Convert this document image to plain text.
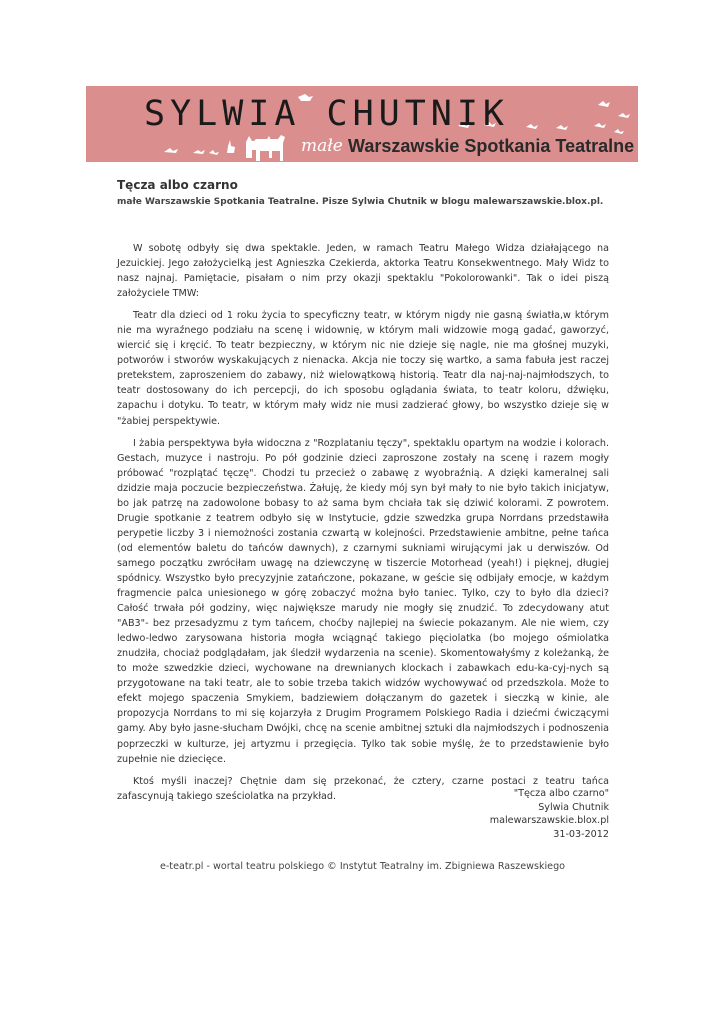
SYLWIA CHUTNIK
małe Warszawskie Spotkania Teatralne
Tęcza albo czarno
małe Warszawskie Spotkania Teatralne. Pisze Sylwia Chutnik w blogu malewarszawskie.blox.pl.

W sobotę odbyły się dwa spektakle. Jeden, w ramach Teatru Małego Widza działającego na Jezuickiej. Jego założycielką jest Agnieszka Czekierda, aktorka Teatru Konsekwentnego. Mały Widz to nasz najnaj. Pamiętacie, pisałam o nim przy okazji spektaklu "Pokolorowanki". Tak o idei piszą założyciele TMW:

Teatr dla dzieci od 1 roku życia to specyficzny teatr, w którym nigdy nie gasną światła,w którym nie ma wyraźnego podziału na scenę i widownię, w którym mali widzowie mogą gadać, gaworzyć, wiercić się i kręcić. To teatr bezpieczny, w którym nic nie dzieje się nagle, nie ma głośnej muzyki, potworów i stworów wyskakujących z nienacka. Akcja nie toczy się wartko, a sama fabuła jest raczej pretekstem, zaproszeniem do zabawy, niż wielowątkową historią. Teatr dla naj-naj-najmłodszych, to teatr dostosowany do ich percepcji, do ich sposobu oglądania świata, to teatr koloru, dźwięku, zapachu i dotyku. To teatr, w którym mały widz nie musi zadzierać głowy, bo wszystko dzieje się w "żabiej perspektywie.

I żabia perspektywa była widoczna z "Rozplataniu tęczy", spektaklu opartym na wodzie i kolorach. Gestach, muzyce i nastroju. Po pół godzinie dzieci zaproszone zostały na scenę i razem mogły próbować "rozplątać tęczę". Chodzi tu przecież o zabawę z wyobraźnią. A dzięki kameralnej sali dzidzie maja poczucie bezpieczeństwa. Żałuję, że kiedy mój syn był mały to nie było takich inicjatyw, bo jak patrzę na zadowolone bobasy to aż sama bym chciała tak się dziwić kolorami. Z powrotem. Drugie spotkanie z teatrem odbyło się w Instytucie, gdzie szwedzka grupa Norrdans przedstawiła perypetie liczby 3 i niemożności zostania czwartą w kolejności. Przedstawienie ambitne, pełne tańca (od elementów baletu do tańców dawnych), z czarnymi sukniami wirującymi jak u derwiszów. Od samego początku zwróciłam uwagę na dziewczynę w tiszercie Motorhead (yeah!) i pięknej, długiej spódnicy. Wszystko było precyzyjnie zatańczone, pokazane, w geście się odbijały emocje, w każdym fragmencie palca uniesionego w górę zobaczyć można było taniec. Tylko, czy to było dla dzieci? Całość trwała pół godziny, więc największe marudy nie mogły się znudzić. To zdecydowany atut "AB3"- bez przesadyzmu z tym tańcem, choćby najlepiej na świecie pokazanym. Ale nie wiem, czy ledwo-ledwo zarysowana historia mogła wciągnąć takiego pięciolatka (bo mojego ośmiolatka znudziła, chociaż podglądałam, jak śledził wydarzenia na scenie). Skomentowałyśmy z koleżanką, że to może szwedzkie dzieci, wychowane na drewnianych klockach i zabawkach edu-ka-cyj-nych są przygotowane na taki teatr, ale to sobie trzeba takich widzów wychowywać od przedszkola. Może to efekt mojego spaczenia Smykiem, badziewiem dołączanym do gazetek i sieczką w kinie, ale propozycja Norrdans to mi się kojarzyła z Drugim Programem Polskiego Radia i dziećmi ćwiczącymi gamy. Aby było jasne-słucham Dwójki, chcę na scenie ambitnej sztuki dla najmłodszych i podnoszenia poprzeczki w kulturze, jej artyzmu i przegięcia. Tylko tak sobie myślę, że to przedstawienie było zupełnie nie dziecięce.

Ktoś myśli inaczej? Chętnie dam się przekonać, że cztery, czarne postaci z teatru tańca zafascynują takiego sześciolatka na przykład.	"Tęcza albo czarno"
Sylwia Chutnik
malewarszawskie.blox.pl
31-03-2012
e-teatr.pl - wortal teatru polskiego © Instytut Teatralny im. Zbigniewa Raszewskiego
